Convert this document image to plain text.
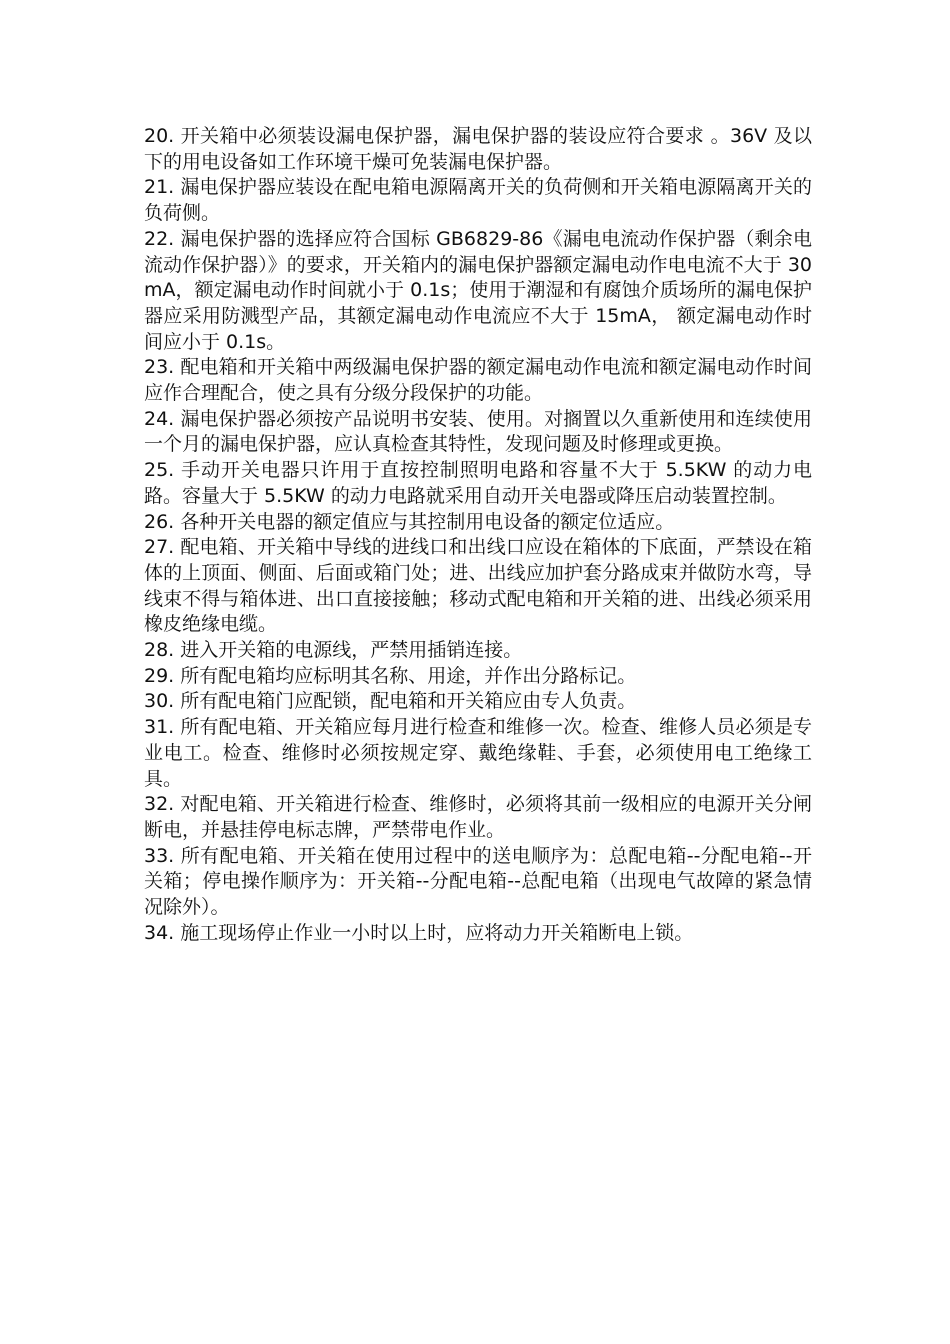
20. 开关箱中必须装设漏电保护器，漏电保护器的装设应符合要求 。36V 及以下的用电设备如工作环境干燥可免装漏电保护器。

21. 漏电保护器应装设在配电箱电源隔离开关的负荷侧和开关箱电源隔离开关的负荷侧。

22. 漏电保护器的选择应符合国标 GB6829-86《漏电电流动作保护器（剩余电流动作保护器）》的要求，开关箱内的漏电保护器额定漏电动作电电流不大于 30mA，额定漏电动作时间就小于 0.1s；使用于潮湿和有腐蚀介质场所的漏电保护器应采用防溅型产品，其额定漏电动作电流应不大于 15mA， 额定漏电动作时间应小于 0.1s。

23. 配电箱和开关箱中两级漏电保护器的额定漏电动作电流和额定漏电动作时间应作合理配合，使之具有分级分段保护的功能。

24. 漏电保护器必须按产品说明书安装、使用。对搁置以久重新使用和连续使用一个月的漏电保护器，应认真检查其特性，发现问题及时修理或更换。

25. 手动开关电器只许用于直按控制照明电路和容量不大于 5.5KW 的动力电路。容量大于 5.5KW 的动力电路就采用自动开关电器或降压启动装置控制。

26. 各种开关电器的额定值应与其控制用电设备的额定位适应。

27. 配电箱、开关箱中导线的进线口和出线口应设在箱体的下底面，严禁设在箱体的上顶面、侧面、后面或箱门处；进、出线应加护套分路成束并做防水弯，导线束不得与箱体进、出口直接接触；移动式配电箱和开关箱的进、出线必须采用橡皮绝缘电缆。

28. 进入开关箱的电源线，严禁用插销连接。

29. 所有配电箱均应标明其名称、用途，并作出分路标记。

30. 所有配电箱门应配锁，配电箱和开关箱应由专人负责。

31. 所有配电箱、开关箱应每月进行检查和维修一次。检查、维修人员必须是专业电工。检查、维修时必须按规定穿、戴绝缘鞋、手套，必须使用电工绝缘工具。

32. 对配电箱、开关箱进行检查、维修时，必须将其前一级相应的电源开关分闸断电，并悬挂停电标志牌，严禁带电作业。

33. 所有配电箱、开关箱在使用过程中的送电顺序为：总配电箱--分配电箱--开关箱；停电操作顺序为：开关箱--分配电箱--总配电箱（出现电气故障的紧急情况除外）。

34. 施工现场停止作业一小时以上时，应将动力开关箱断电上锁。
